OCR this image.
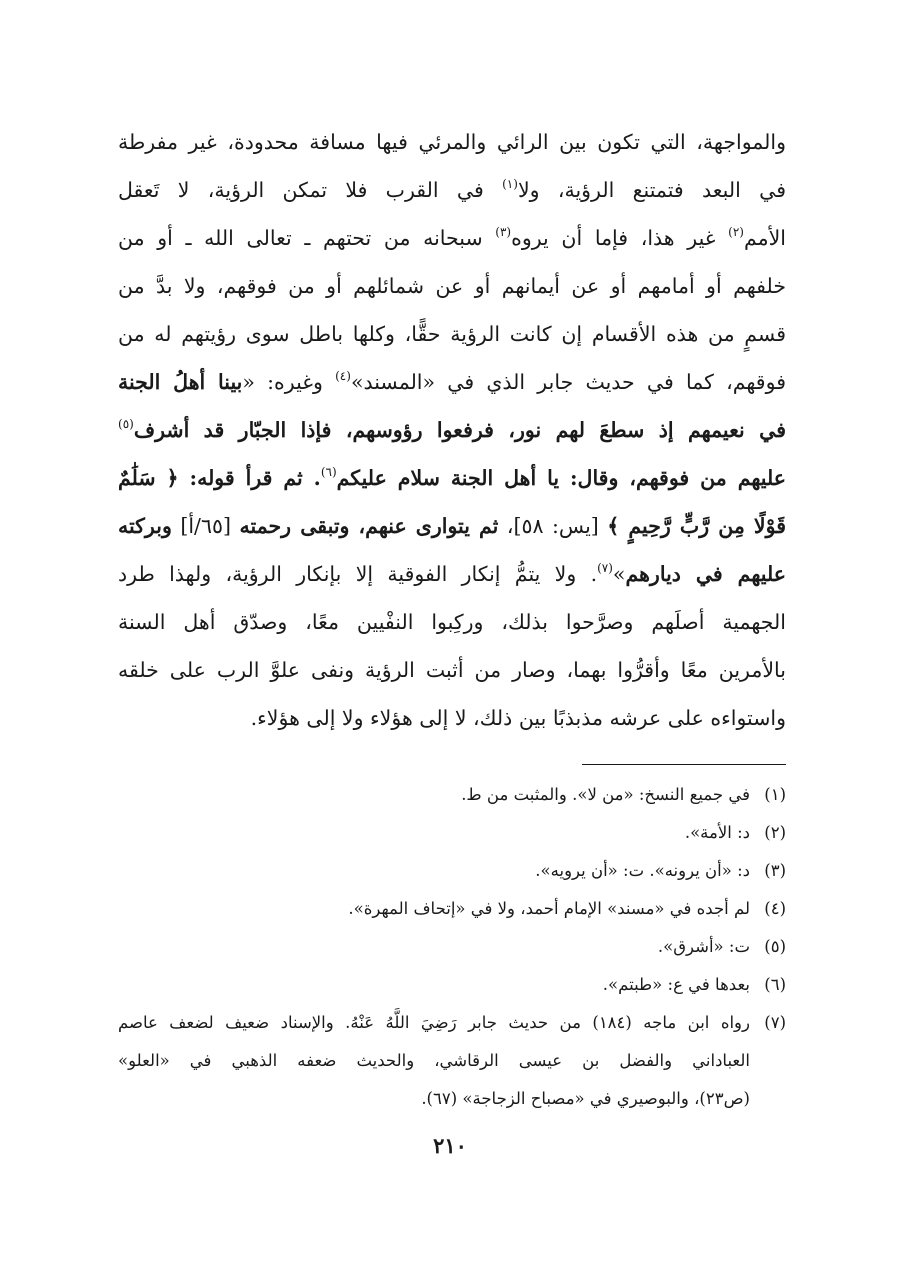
والمواجهة، التي تكون بين الرائي والمرئي فيها مسافة محدودة، غير مفرطة
في البعد فتمتنع الرؤية، ولا$^{(١)}$ في القرب فلا تمكن الرؤية، لا تَعقل
الأمم$^{(٢)}$ غير هذا، فإما أن يروه$^{(٣)}$ سبحانه من تحتهم ـ تعالى الله ـ أو من
خلفهم أو أمامهم أو عن أيمانهم أو عن شمائلهم أو من فوقهم، ولا بدَّ من
قسمٍ من هذه الأقسام إن كانت الرؤية حقًّا، وكلها باطل سوى رؤيتهم له من
فوقهم، كما في حديث جابر الذي في «المسند»$^{(٤)}$ وغيره: «بينا أهلُ الجنة
في نعيمهم إذ سطعَ لهم نور، فرفعوا رؤوسهم، فإذا الجبّار قد أشرف$^{(٥)}$
عليهم من فوقهم، وقال: يا أهل الجنة سلام عليكم$^{(٦)}$. ثم قرأ قوله: ﴿ سَلَٰمٌ
قَوْلًا مِن رَّبٍّ رَّحِيمٍ ﴾ [يس: ٥٨]، ثم يتوارى عنهم، وتبقى رحمته [٦٥/أ] وبركته
عليهم في ديارهم»$^{(٧)}$. ولا يتمُّ إنكار الفوقية إلا بإنكار الرؤية، ولهذا طرد
الجهمية أصلَهم وصرَّحوا بذلك، وركِبوا النفْيين معًا، وصدّق أهل السنة
بالأمرين معًا وأقرُّوا بهما، وصار من أثبت الرؤية ونفى علوَّ الرب على خلقه
واستواءه على عرشه مذبذبًا بين ذلك، لا إلى هؤلاء ولا إلى هؤلاء.
(١)
في جميع النسخ: «من لا». والمثبت من ط.
(٢)
د: الأمة».
(٣)
د: «أن يرونه». ت: «أن يرويه».
(٤)
لم أجده في «مسند» الإمام أحمد، ولا في «إتحاف المهرة».
(٥)
ت: «أشرق».
(٦)
بعدها في ع: «طبتم».
(٧)
رواه ابن ماجه (١٨٤) من حديث جابر رَضِيَ اللَّهُ عَنْهُ. والإسناد ضعيف لضعف عاصم
العباداني والفضل بن عيسى الرقاشي، والحديث ضعفه الذهبي في «العلو»
(ص٢٣)، والبوصيري في «مصباح الزجاجة» (٦٧).
٢١٠
